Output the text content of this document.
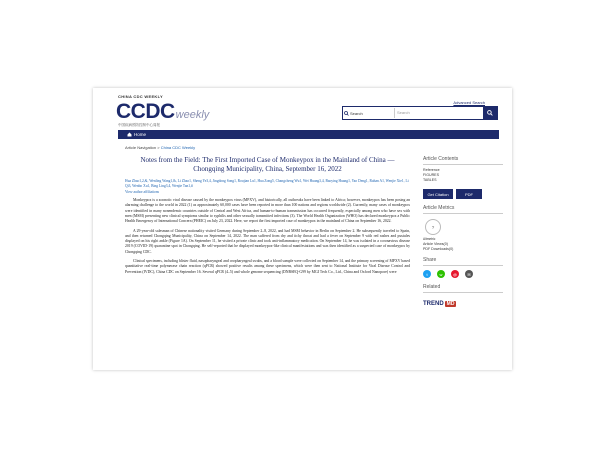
CHINA CDC WEEKLY
CCDC weekly
中国疾病预防控制中心周报
Advanced Search
Search	Search
Home
Article Navigation > China CDC Weekly
Notes from the Field: The First Imported Case of Monkeypox in the Mainland of China — Chongqing Municipality, China, September 16, 2022
Hua Zhao1,2,&, Wenling Wang1,&, Li Zhao1, Sheng Ye3,4, Jingdong Song1, Roujian Lu1, Hua Zong5, Changcheng Wu1, Wei Huang3,4, Baoying Huang1, Yao Deng1, Ruhan A1, Wenjie Xie1, Li Qi3, Wenbo Xu1, Bing Ling3,4, Wenjie Tan1,#
View author affiliations
Monkeypox is a zoonotic viral disease caused by the monkeypox virus (MPXV), and historically, all outbreaks have been linked to Africa; however, monkeypox has been posing an alarming challenge to the world in 2022 (1) as approximately 60,000 cases have been reported in more than 100 nations and regions worldwide (2). Currently, many cases of monkeypox were identified in many nonendemic countries outside of Central and West Africa, and human-to-human transmission has occurred frequently, especially among men who have sex with men (MSM) presenting new clinical symptoms similar to syphilis and other sexually transmitted infections (3). The World Health Organization (WHO) has declared monkeypox a Public Health Emergency of International Concern (PHEIC) on July 23, 2022. Here, we report the first imported case of monkeypox in the mainland of China on September 16, 2022.
A 29-year-old salesman of Chinese nationality visited Germany during September 2–8, 2022, and had MSM behavior in Berlin on September 2. He subsequently traveled to Spain, and then returned Chongqing Municipality, China on September 14, 2022. The man suffered from dry and itchy throat and had a fever on September 9 with red rashes and pustules displayed on his right ankle (Figure 1A). On September 11, he visited a private clinic and took anti-inflammatory medication. On September 14, he was isolated in a coronavirus disease 2019 (COVID-19) quarantine spot in Chongqing. He self-reported that he displayed monkeypox-like clinical manifestations and was then identified as a suspected case of monkeypox by Chongqing CDC.
Clinical specimens, including blister fluid, nasopharyngeal and oropharyngeal swabs, and a blood sample were collected on September 14, and the primary screening of MPXV based quantitative real-time polymerase chain reaction (qPCR) showed positive results among these specimens, which were then sent to National Institute for Viral Disease Control and Prevention (IVDC), China CDC on September 16. Several qPCR (4–5) and whole genome sequencing (DNBSEQ-G99 by MGI Tech Co., Ltd., China and Oxford Nanopore) were
Article Contents
Reference
FIGURES
TABLES
Get Citation	PDF
Article Metrics
?
Altmetric
Article Views(0)
PDF Downloads(0)
Share
t	w	@	✉
Related
TREND MD
